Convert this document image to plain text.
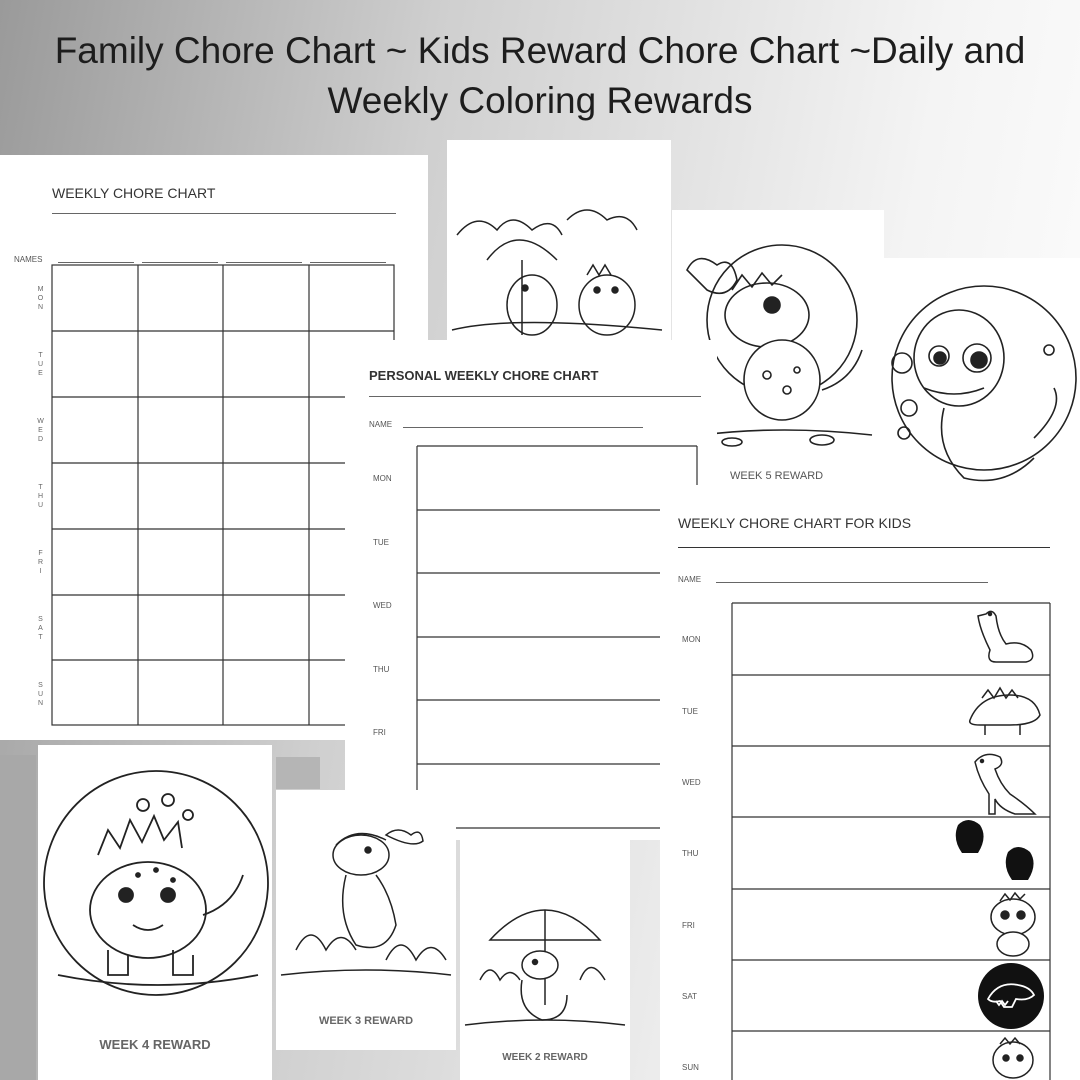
Family Chore Chart ~ Kids Reward Chore Chart ~Daily and Weekly Coloring Rewards
WEEKLY CHORE CHART
NAMES
M
O
N
T
U
E
W
E
D
T
H
U
F
R
I
S
A
T
S
U
N
WEEK 5 REWARD
PERSONAL WEEKLY CHORE CHART
NAME
MON
TUE
WED
THU
FRI
WEEK 4 REWARD
WEEK 3 REWARD
WEEK 2 REWARD
WEEKLY CHORE CHART FOR KIDS
NAME
MON
TUE
WED
THU
FRI
SAT
SUN
